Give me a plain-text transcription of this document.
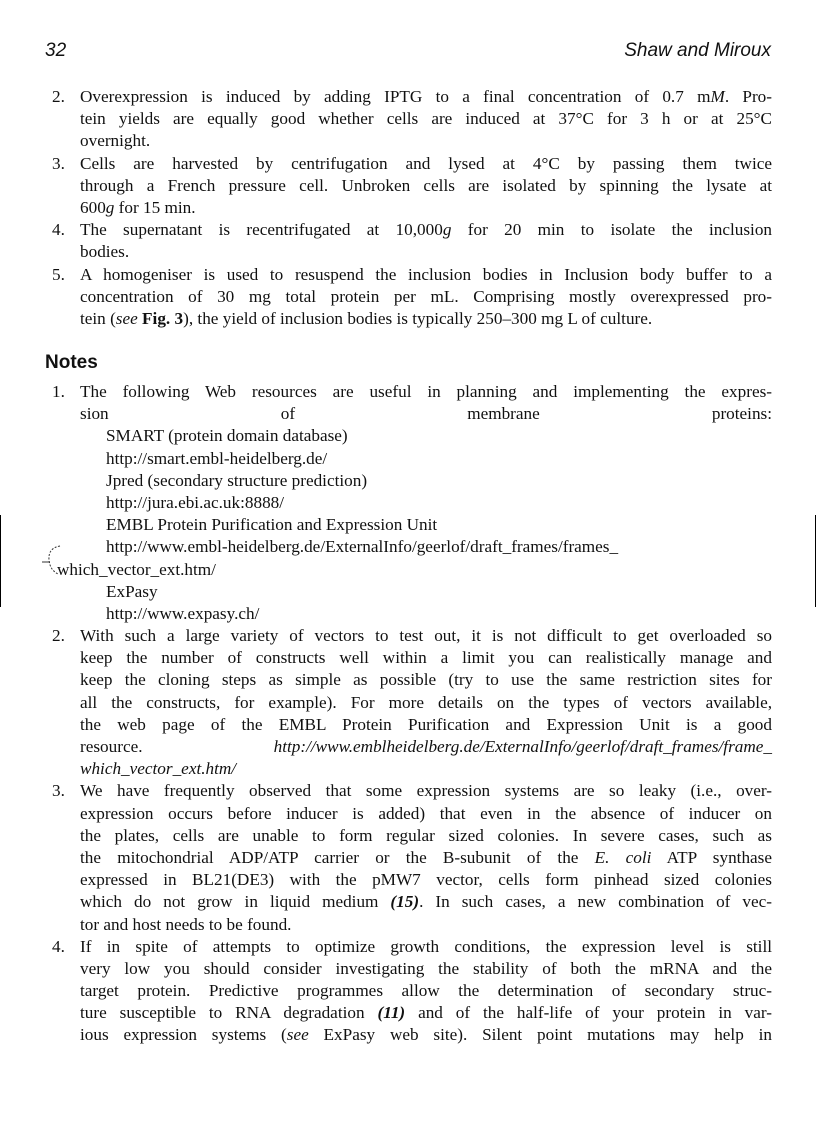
32	Shaw and Miroux
2. Overexpression is induced by adding IPTG to a final concentration of 0.7 mM. Pro-
tein yields are equally good whether cells are induced at 37°C for 3 h or at 25°C
overnight.
3. Cells are harvested by centrifugation and lysed at 4°C by passing them twice
through a French pressure cell. Unbroken cells are isolated by spinning the lysate at
600g for 15 min.
4. The supernatant is recentrifugated at 10,000g for 20 min to isolate the inclusion
bodies.
5. A homogeniser is used to resuspend the inclusion bodies in Inclusion body buffer to a
concentration of 30 mg total protein per mL. Comprising mostly overexpressed pro-
tein (see Fig. 3), the yield of inclusion bodies is typically 250–300 mg L of culture.
Notes
1. The following Web resources are useful in planning and implementing the expres-
sion of membrane proteins:
SMART (protein domain database)
http://smart.embl-heidelberg.de/
Jpred (secondary structure prediction)
http://jura.ebi.ac.uk:8888/
EMBL Protein Purification and Expression Unit
http://www.embl-heidelberg.de/ExternalInfo/geerlof/draft_frames/frames_
which_vector_ext.htm/
ExPasy
http://www.expasy.ch/
2. With such a large variety of vectors to test out, it is not difficult to get overloaded so
keep the number of constructs well within a limit you can realistically manage and
keep the cloning steps as simple as possible (try to use the same restriction sites for
all the constructs, for example). For more details on the types of vectors available,
the web page of the EMBL Protein Purification and Expression Unit is a good
resource. http://www.emblheidelberg.de/ExternalInfo/geerlof/draft_frames/frame_
which_vector_ext.htm/
3. We have frequently observed that some expression systems are so leaky (i.e., over-
expression occurs before inducer is added) that even in the absence of inducer on
the plates, cells are unable to form regular sized colonies. In severe cases, such as
the mitochondrial ADP/ATP carrier or the B-subunit of the E. coli ATP synthase
expressed in BL21(DE3) with the pMW7 vector, cells form pinhead sized colonies
which do not grow in liquid medium (15). In such cases, a new combination of vec-
tor and host needs to be found.
4. If in spite of attempts to optimize growth conditions, the expression level is still
very low you should consider investigating the stability of both the mRNA and the
target protein. Predictive programmes allow the determination of secondary struc-
ture susceptible to RNA degradation (11) and of the half-life of your protein in var-
ious expression systems (see ExPasy web site). Silent point mutations may help in
